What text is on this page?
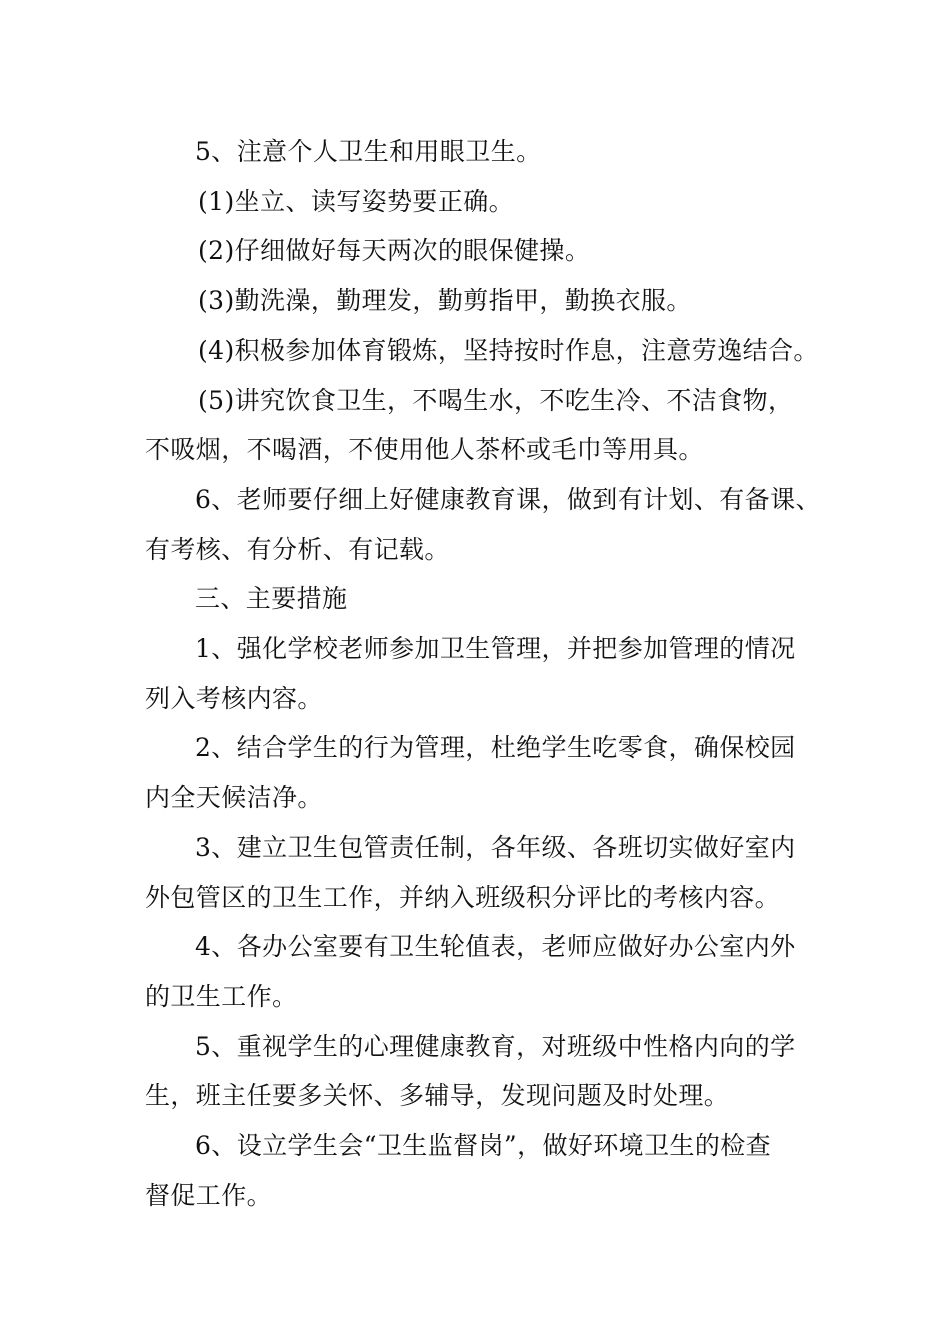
5、注意个人卫生和用眼卫生。
(1)坐立、读写姿势要正确。
(2)仔细做好每天两次的眼保健操。
(3)勤洗澡，勤理发，勤剪指甲，勤换衣服。
(4)积极参加体育锻炼，坚持按时作息，注意劳逸结合。
(5)讲究饮食卫生，不喝生水，不吃生冷、不洁食物，
不吸烟，不喝酒，不使用他人茶杯或毛巾等用具。
6、老师要仔细上好健康教育课，做到有计划、有备课、
有考核、有分析、有记载。
三、主要措施
1、强化学校老师参加卫生管理，并把参加管理的情况
列入考核内容。
2、结合学生的行为管理，杜绝学生吃零食，确保校园
内全天候洁净。
3、建立卫生包管责任制，各年级、各班切实做好室内
外包管区的卫生工作，并纳入班级积分评比的考核内容。
4、各办公室要有卫生轮值表，老师应做好办公室内外
的卫生工作。
5、重视学生的心理健康教育，对班级中性格内向的学
生，班主任要多关怀、多辅导，发现问题及时处理。
6、设立学生会“卫生监督岗”，做好环境卫生的检查
督促工作。
